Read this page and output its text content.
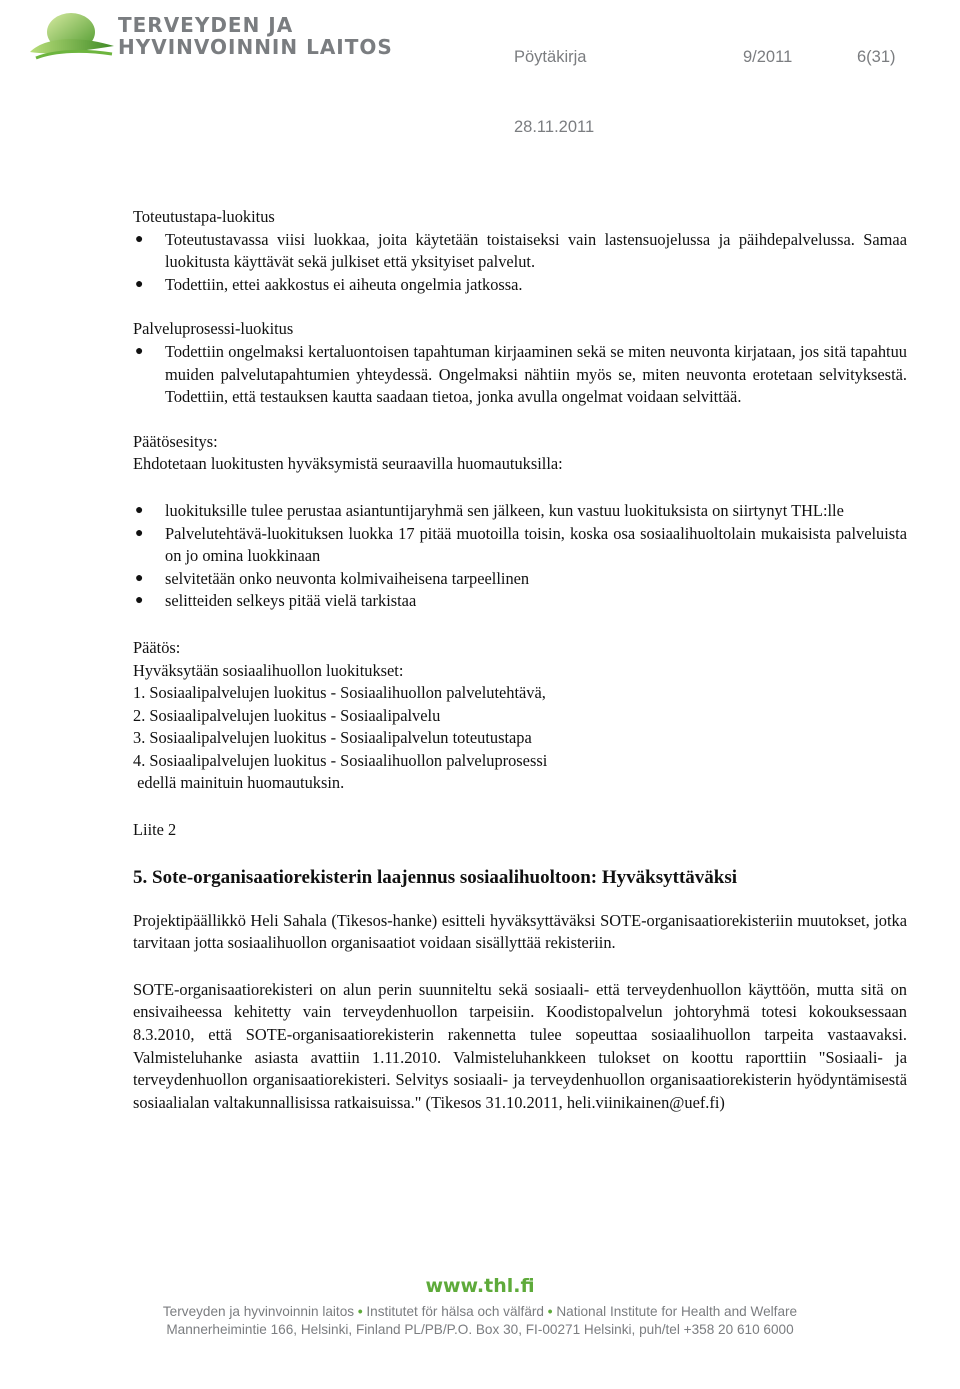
TERVEYDEN JA
HYVINVOINNIN LAITOS	Pöytäkirja	9/2011	6(31)
28.11.2011

Toteutustapa-luokitus

● Toteutustavassa viisi luokkaa, joita käytetään toistaiseksi vain lastensuojelussa ja päihdepalvelussa. Samaa luokitusta käyttävät sekä julkiset että yksityiset palvelut.
● Todettiin, ettei aakkostus ei aiheuta ongelmia jatkossa.

Palveluprosessi-luokitus

● Todettiin ongelmaksi kertaluontoisen tapahtuman kirjaaminen sekä se miten neuvonta kirjataan, jos sitä tapahtuu muiden palvelutapahtumien yhteydessä. Ongelmaksi nähtiin myös se, miten neuvonta erotetaan selvityksestä. Todettiin, että testauksen kautta saadaan tietoa, jonka avulla ongelmat voidaan selvittää.

Päätösesitys:

Ehdotetaan luokitusten hyväksymistä seuraavilla huomautuksilla:

● luokituksille tulee perustaa asiantuntijaryhmä sen jälkeen, kun vastuu luokituksista on siirtynyt THL:lle
● Palvelutehtävä-luokituksen luokka 17 pitää muotoilla toisin, koska osa sosiaalihuoltolain mukaisista palveluista on jo omina luokkinaan
● selvitetään onko neuvonta kolmivaiheisena tarpeellinen
● selitteiden selkeys pitää vielä tarkistaa

Päätös:

Hyväksytään sosiaalihuollon luokitukset:

1. Sosiaalipalvelujen luokitus - Sosiaalihuollon palvelutehtävä,

2. Sosiaalipalvelujen luokitus - Sosiaalipalvelu

3. Sosiaalipalvelujen luokitus - Sosiaalipalvelun toteutustapa

4. Sosiaalipalvelujen luokitus - Sosiaalihuollon palveluprosessi

edellä mainituin huomautuksin.

Liite 2

5. Sote-organisaatiorekisterin laajennus sosiaalihuoltoon: Hyväksyttäväksi

Projektipäällikkö Heli Sahala (Tikesos-hanke) esitteli hyväksyttäväksi SOTE-organisaatiorekisteriin muutokset, jotka tarvitaan jotta sosiaalihuollon organisaatiot voidaan sisällyttää rekisteriin.

SOTE-organisaatiorekisteri on alun perin suunniteltu sekä sosiaali- että terveydenhuollon käyttöön, mutta sitä on ensivaiheessa kehitetty vain terveydenhuollon tarpeisiin. Koodistopalvelun johtoryhmä totesi kokouksessaan 8.3.2010, että SOTE-organisaatiorekisterin rakennetta tulee sopeuttaa sosiaalihuollon tarpeita vastaavaksi. Valmisteluhanke asiasta avattiin 1.11.2010. Valmisteluhankkeen tulokset on koottu raporttiin "Sosiaali- ja terveydenhuollon organisaatiorekisteri. Selvitys sosiaali- ja terveydenhuollon organisaatiorekisterin hyödyntämisestä sosiaalialan valtakunnallisissa ratkaisuissa." (Tikesos 31.10.2011, heli.viinikainen@uef.fi)

www.thl.fi
Terveyden ja hyvinvoinnin laitos • Institutet för hälsa och välfärd • National Institute for Health and Welfare
Mannerheimintie 166, Helsinki, Finland PL/PB/P.O. Box 30, FI-00271 Helsinki, puh/tel +358 20 610 6000
